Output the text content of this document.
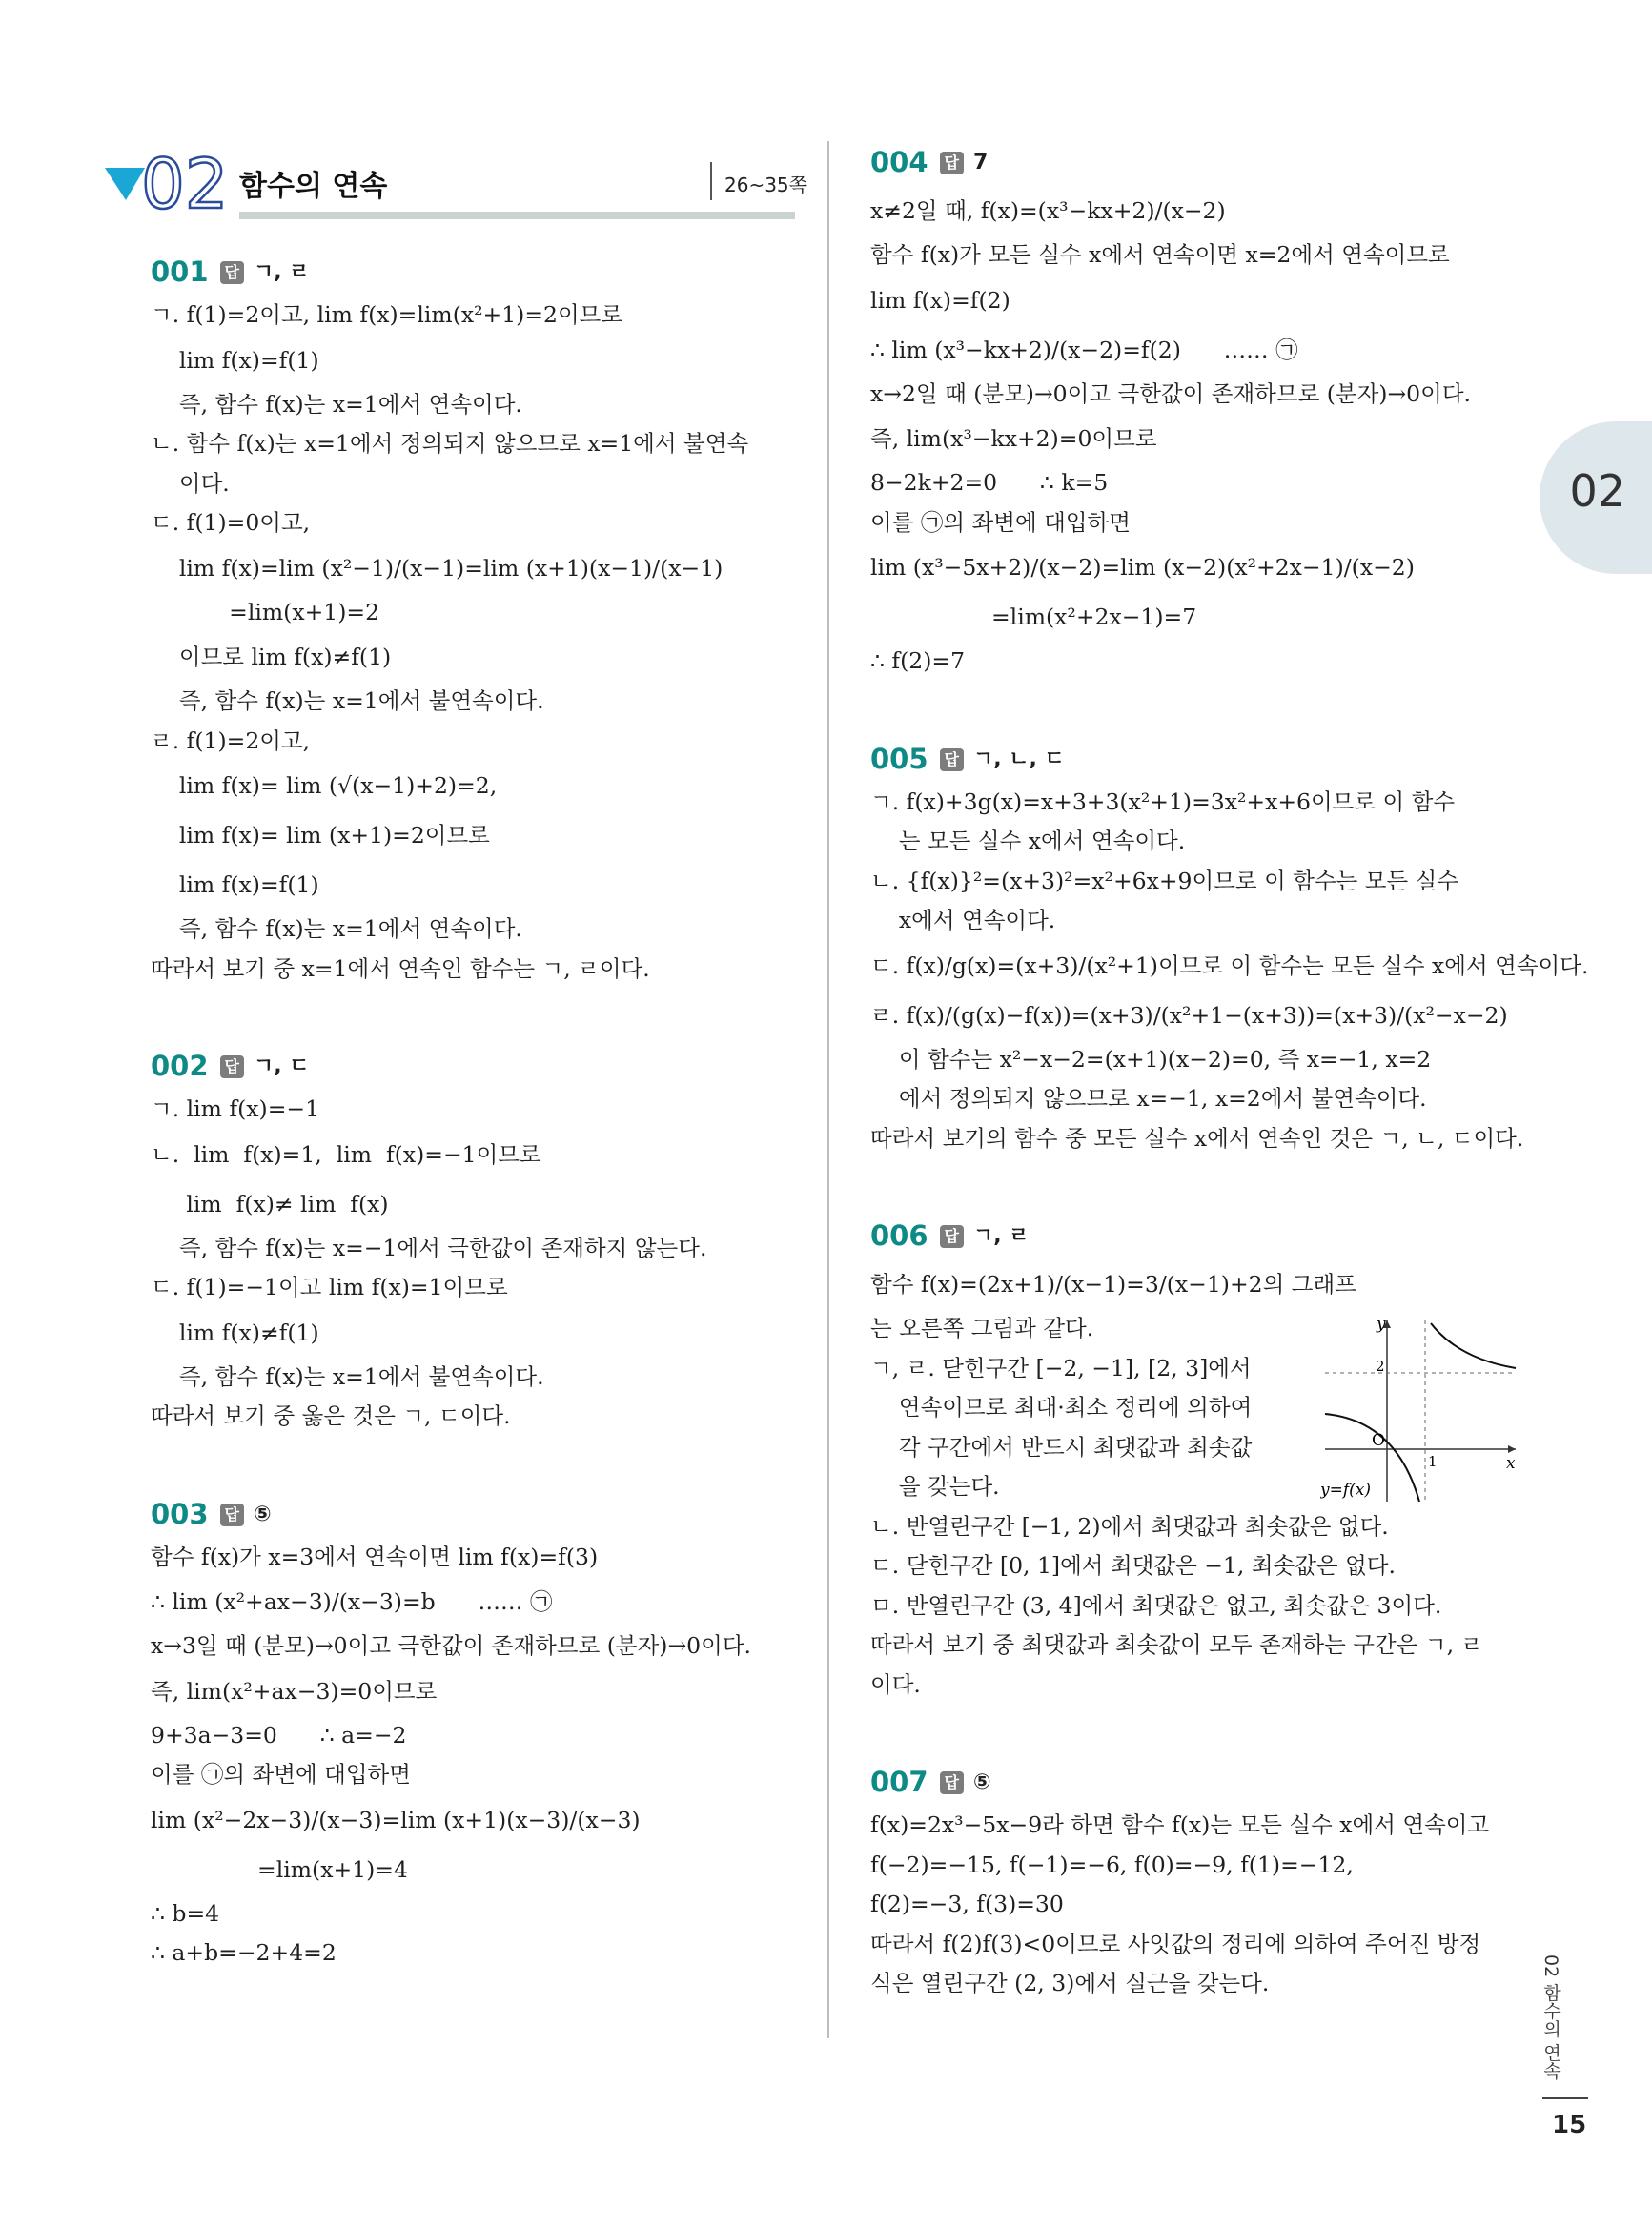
02 함수의 연속	26~35쪽
001	답 ㄱ, ㄹ
ㄱ. f(1)=2이고, lim f(x)=lim(x²+1)=2이므로
lim f(x)=f(1)
즉, 함수 f(x)는 x=1에서 연속이다.
ㄴ. 함수 f(x)는 x=1에서 정의되지 않으므로 x=1에서 불연속
이다.
ㄷ. f(1)=0이고,
lim f(x)=lim (x²−1)/(x−1)=lim (x+1)(x−1)/(x−1)
=lim(x+1)=2
이므로 lim f(x)≠f(1)
즉, 함수 f(x)는 x=1에서 불연속이다.
ㄹ. f(1)=2이고,
lim f(x)= lim (√(x−1)+2)=2,
lim f(x)= lim (x+1)=2이므로
lim f(x)=f(1)
즉, 함수 f(x)는 x=1에서 연속이다.
따라서 보기 중 x=1에서 연속인 함수는 ㄱ, ㄹ이다.
002	답 ㄱ, ㄷ
ㄱ. lim f(x)=−1
ㄴ.  lim  f(x)=1,  lim  f(x)=−1이므로
lim  f(x)≠ lim  f(x)
즉, 함수 f(x)는 x=−1에서 극한값이 존재하지 않는다.
ㄷ. f(1)=−1이고 lim f(x)=1이므로
lim f(x)≠f(1)
즉, 함수 f(x)는 x=1에서 불연속이다.
따라서 보기 중 옳은 것은 ㄱ, ㄷ이다.
003	답 ⑤
함수 f(x)가 x=3에서 연속이면 lim f(x)=f(3)
∴ lim (x²+ax−3)/(x−3)=b      …… ㉠
x→3일 때 (분모)→0이고 극한값이 존재하므로 (분자)→0이다.
즉, lim(x²+ax−3)=0이므로
9+3a−3=0      ∴ a=−2
이를 ㉠의 좌변에 대입하면
lim (x²−2x−3)/(x−3)=lim (x+1)(x−3)/(x−3)
=lim(x+1)=4
∴ b=4
∴ a+b=−2+4=2
004	답 7
x≠2일 때, f(x)=(x³−kx+2)/(x−2)
함수 f(x)가 모든 실수 x에서 연속이면 x=2에서 연속이므로
lim f(x)=f(2)
∴ lim (x³−kx+2)/(x−2)=f(2)      …… ㉠
x→2일 때 (분모)→0이고 극한값이 존재하므로 (분자)→0이다.
즉, lim(x³−kx+2)=0이므로
8−2k+2=0      ∴ k=5
이를 ㉠의 좌변에 대입하면
lim (x³−5x+2)/(x−2)=lim (x−2)(x²+2x−1)/(x−2)
=lim(x²+2x−1)=7
∴ f(2)=7
005	답 ㄱ, ㄴ, ㄷ
ㄱ. f(x)+3g(x)=x+3+3(x²+1)=3x²+x+6이므로 이 함수
는 모든 실수 x에서 연속이다.
ㄴ. {f(x)}²=(x+3)²=x²+6x+9이므로 이 함수는 모든 실수
x에서 연속이다.
ㄷ. f(x)/g(x)=(x+3)/(x²+1)이므로 이 함수는 모든 실수 x에서 연속이다.
ㄹ. f(x)/(g(x)−f(x))=(x+3)/(x²+1−(x+3))=(x+3)/(x²−x−2)
이 함수는 x²−x−2=(x+1)(x−2)=0, 즉 x=−1, x=2
에서 정의되지 않으므로 x=−1, x=2에서 불연속이다.
따라서 보기의 함수 중 모든 실수 x에서 연속인 것은 ㄱ, ㄴ, ㄷ이다.
006	답 ㄱ, ㄹ
함수 f(x)=(2x+1)/(x−1)=3/(x−1)+2의 그래프
는 오른쪽 그림과 같다.
ㄱ, ㄹ. 닫힌구간 [−2, −1], [2, 3]에서
연속이므로 최대·최소 정리에 의하여
각 구간에서 반드시 최댓값과 최솟값
을 갖는다.
ㄴ. 반열린구간 [−1, 2)에서 최댓값과 최솟값은 없다.
ㄷ. 닫힌구간 [0, 1]에서 최댓값은 −1, 최솟값은 없다.
ㅁ. 반열린구간 (3, 4]에서 최댓값은 없고, 최솟값은 3이다.
따라서 보기 중 최댓값과 최솟값이 모두 존재하는 구간은 ㄱ, ㄹ
이다.
007	답 ⑤
f(x)=2x³−5x−9라 하면 함수 f(x)는 모든 실수 x에서 연속이고
f(−2)=−15, f(−1)=−6, f(0)=−9, f(1)=−12,
f(2)=−3, f(3)=30
따라서 f(2)f(3)<0이므로 사잇값의 정리에 의하여 주어진 방정
식은 열린구간 (2, 3)에서 실근을 갖는다.
y
x
O
1
2
y=f(x)
02
02 함수의 연속
15
